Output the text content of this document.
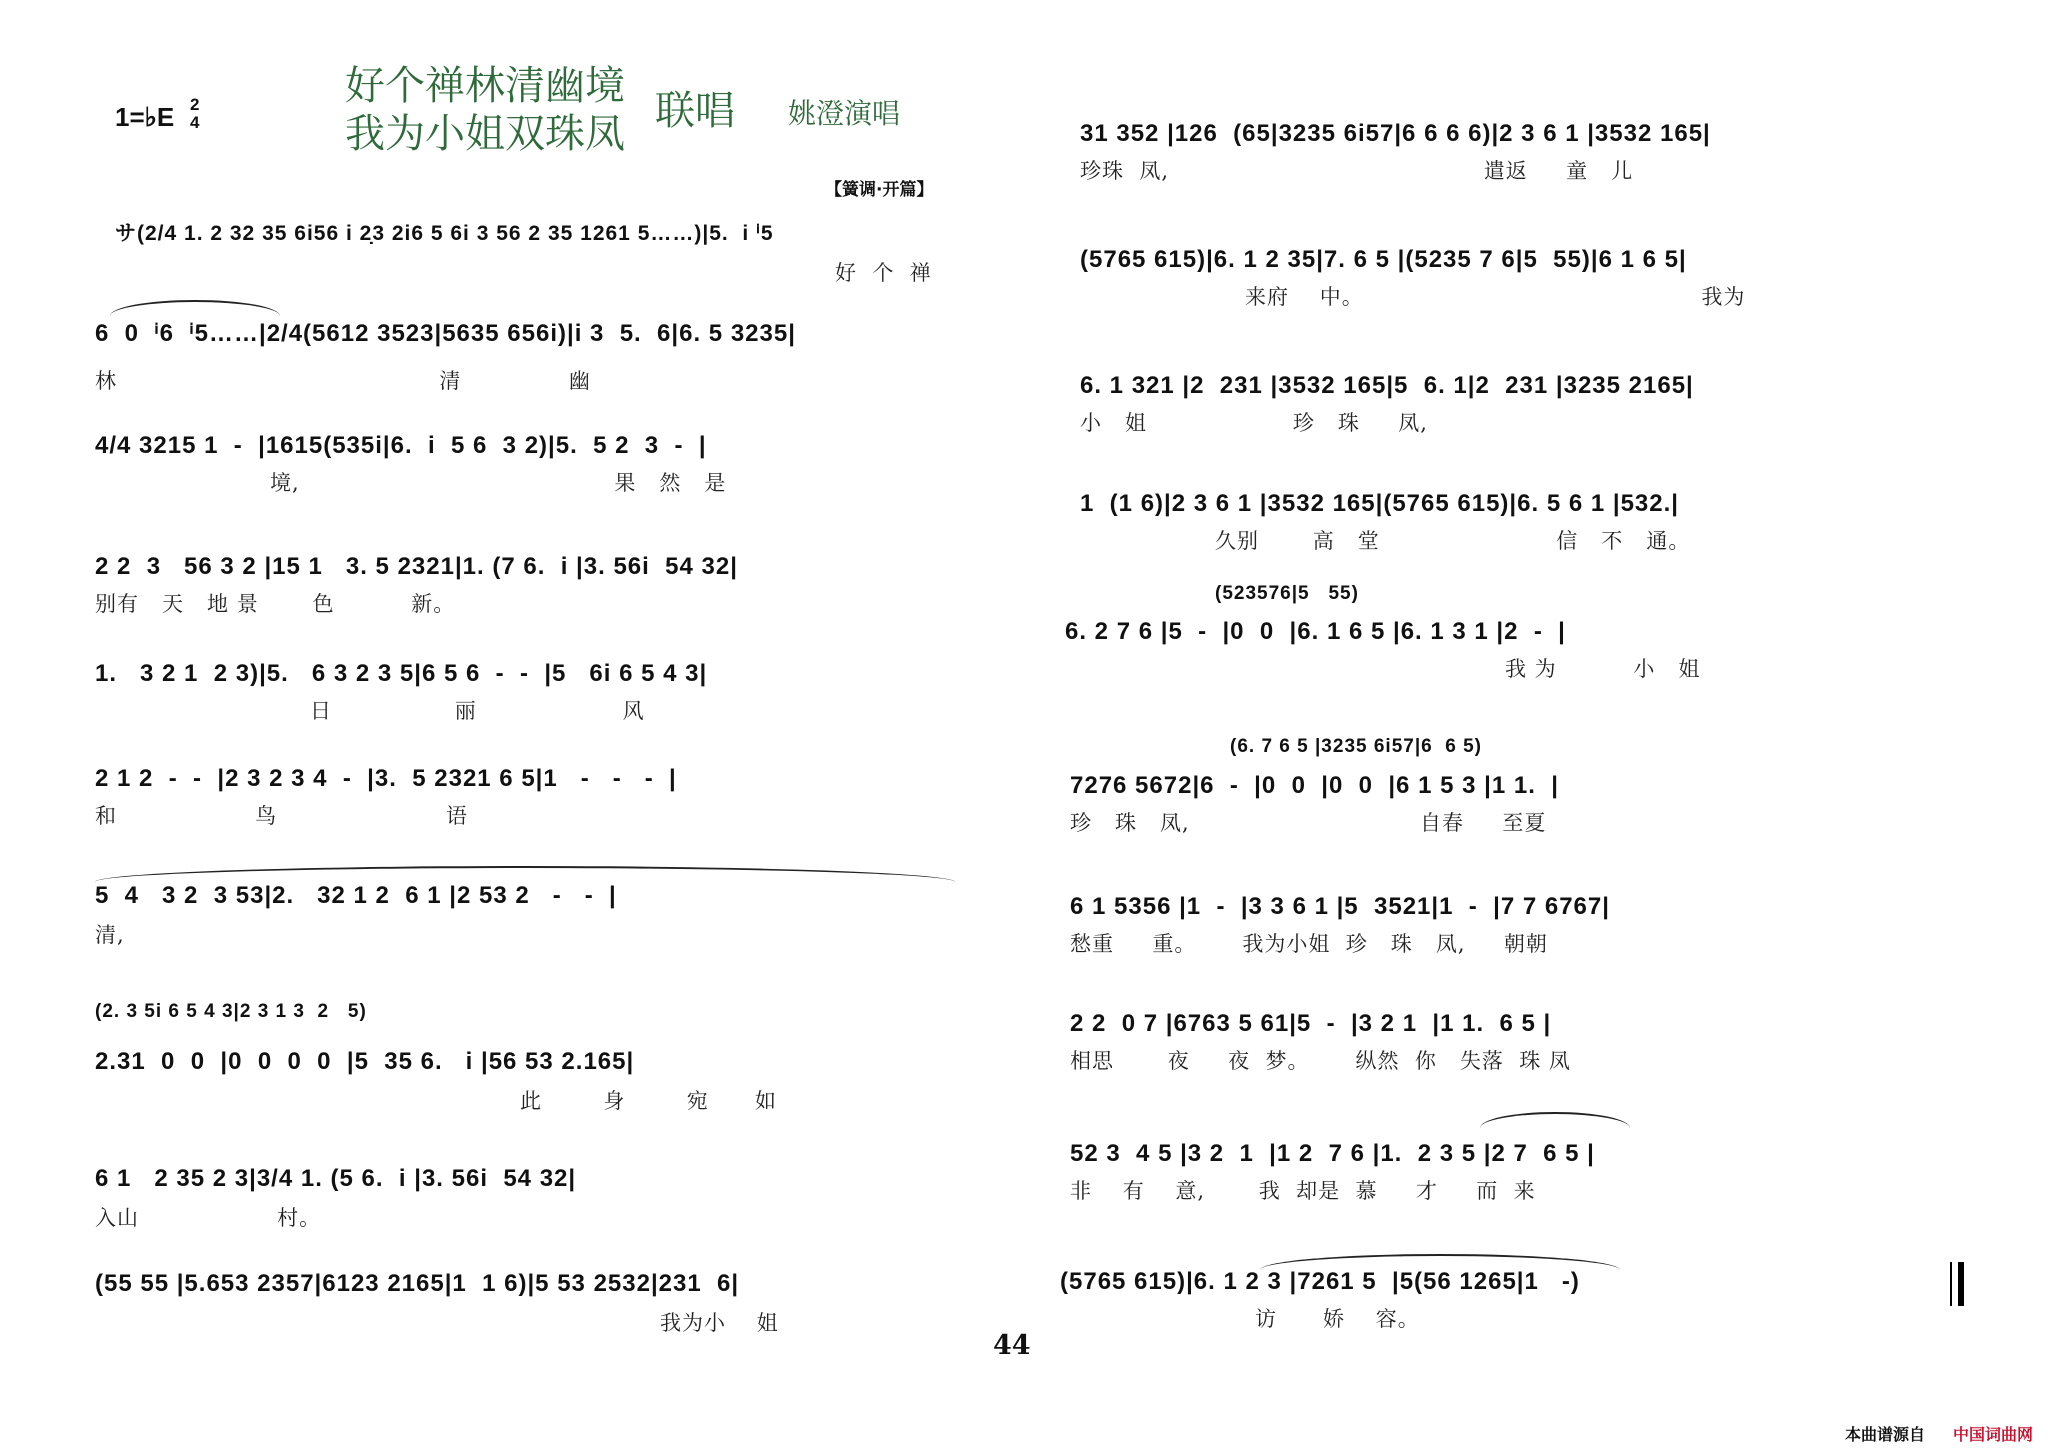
1=♭E 2
4
好个禅林清幽境
我为小姐双珠凤 联唱 姚澄演唱
【簧调·开篇】
サ(2/4 1. 2 32 35 6i56 i 2̣3 2i6 5 6i 3 56 2 35 1261 5……)|5.  i ⁱ5
好  个  禅
6  0  ⁱ6  ⁱ5……|2/4(5612 3523|5635 656i)|i 3  5.  6|6. 5 3235|
林                                          清              幽
4/4 3215 1  -  |1615(535i|6.  i  5 6  3 2)|5.  5 2  3  -  |
境,                                         果   然   是
2 2  3   56 3 2 |15 1   3. 5 2321|1. (7 6.  i |3. 56i  54 32|
别有   天   地 景       色          新。
1.   3 2 1  2 3)|5.   6 3 2 3 5|6 5 6  -  -  |5   6i 6 5 4 3|
日                丽                   风
2 1 2  -  -  |2 3 2 3 4  -  |3.  5 2321 6 5|1   -   -   -  |
和                  鸟                      语
5  4   3 2  3 53|2.   32 1 2  6 1 |2 53 2   -   -  |
清,
(2. 3 5i 6 5 4 3|2 3 1 3  2   5)
2.31  0  0  |0  0  0  0  |5  35 6.   i |56 53 2.165|
此        身        宛      如
6 1   2 35 2 3|3/4 1. (5 6.  i |3. 56i  54 32|
入山                  村。
(55 55 |5.653 2357|6123 2165|1  1 6)|5 53 2532|231  6|
我为小    姐
31 352 |126  (65|3235 6i57|6 6 6 6)|2 3 6 1 |3532 165|
珍珠  凤,                                         遣返     童   儿
(5765 615)|6. 1 2 35|7. 6 5 |(5235 7 6|5  55)|6 1 6 5|
来府    中。                                            我为
6. 1 321 |2  231 |3532 165|5  6. 1|2  231 |3235 2165|
小   姐                   珍   珠     凤,
1  (1 6)|2 3 6 1 |3532 165|(5765 615)|6. 5 6 1 |532.|
久别       高   堂                       信   不   通。
(523576|5   55)
6. 2 7 6 |5  -  |0  0  |6. 1 6 5 |6. 1 3 1 |2  -  |
我 为          小   姐
(6. 7 6 5 |3235 6i57|6  6 5)
7276 5672|6  -  |0  0  |0  0  |6 1 5 3 |1 1.  |
珍   珠   凤,                              自春     至夏
6 1 5356 |1  -  |3 3 6 1 |5  3521|1  -  |7 7 6767|
愁重     重。      我为小姐  珍   珠   凤,     朝朝
2 2  0 7 |6763 5 61|5  -  |3 2 1  |1 1.  6 5 |
相思       夜     夜  梦。      纵然  你   失落  珠 凤
52 3  4 5 |3 2  1  |1 2  7 6 |1.  2 3 5 |2 7  6 5 |
非    有    意,       我  却是  慕     才     而  来
(5765 615)|6. 1 2 3 |7261 5  |5(56 1265|1   -)
访      娇    容。
44
本曲谱源自 中国词曲网
